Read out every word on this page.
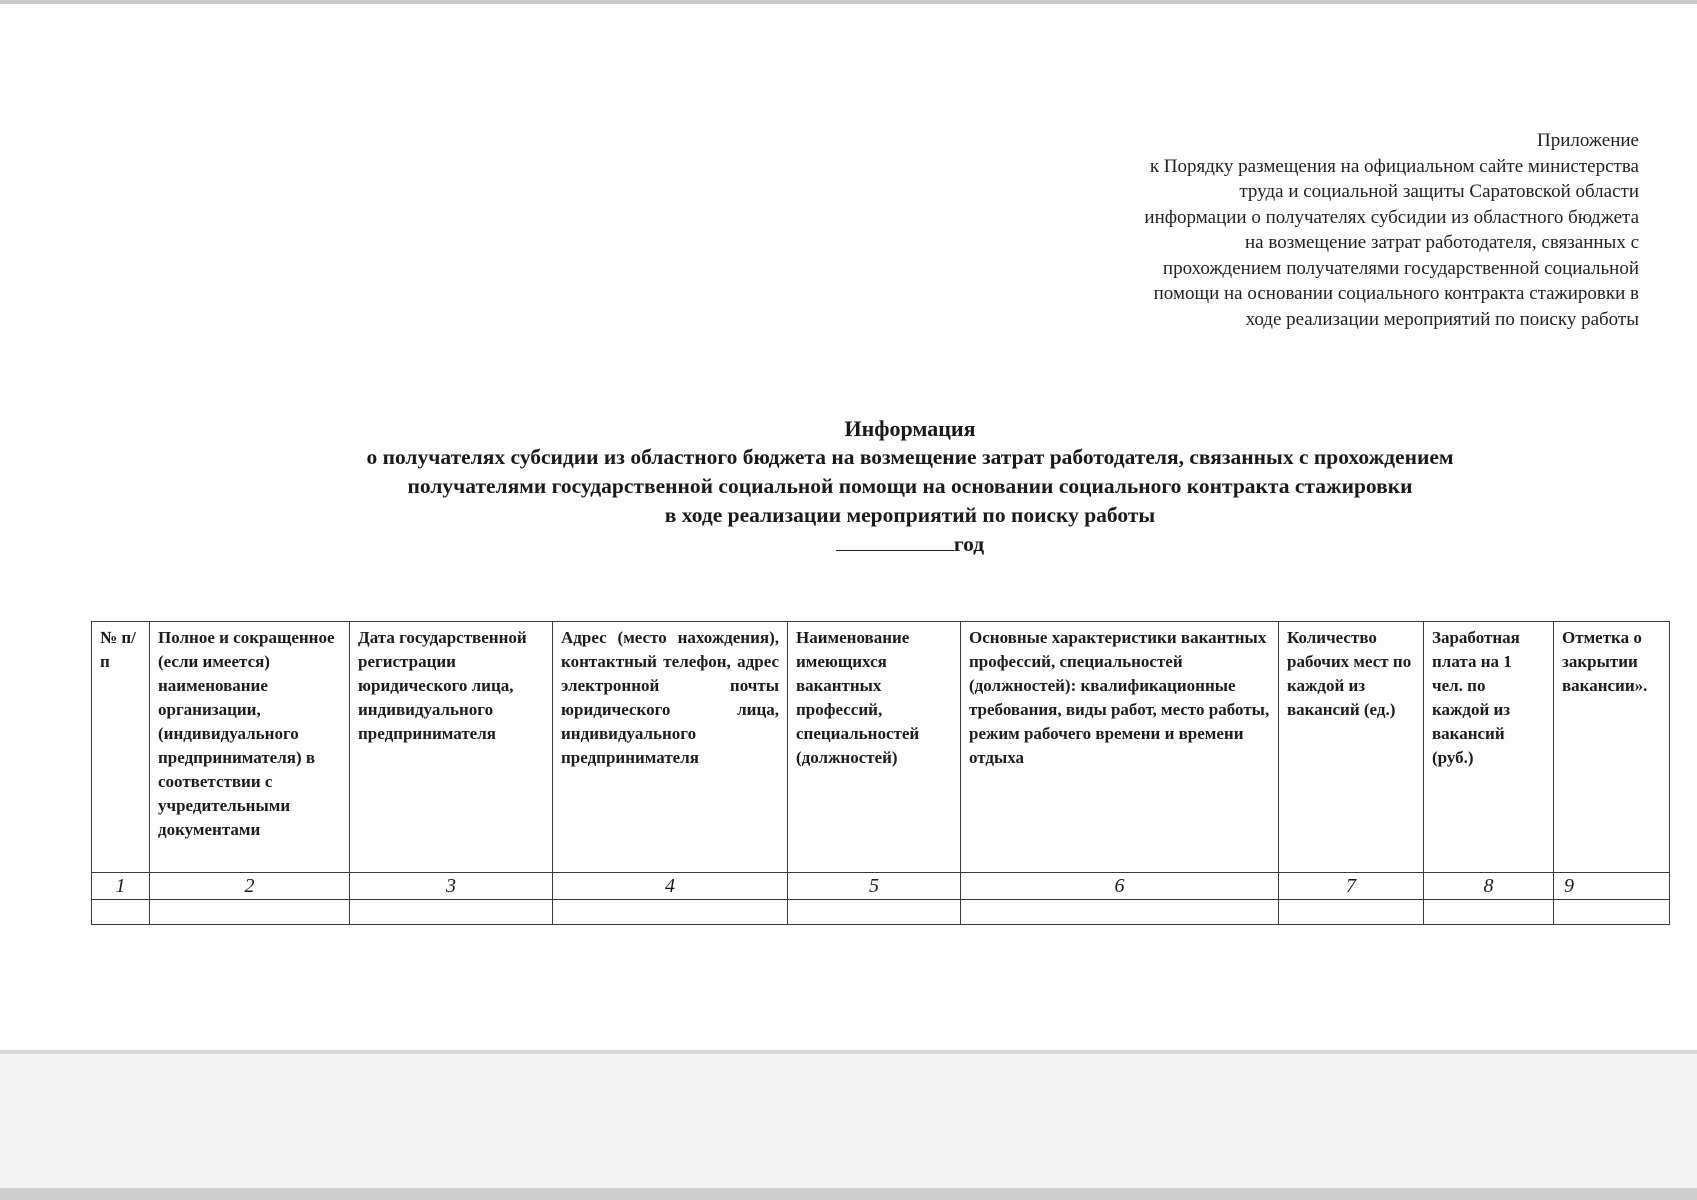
Приложение
к Порядку размещения на официальном сайте министерства
труда и социальной защиты Саратовской области
информации о получателях субсидии из областного бюджета
на возмещение затрат работодателя, связанных с
прохождением получателями государственной социальной
помощи на основании социального контракта стажировки в
ходе реализации мероприятий по поиску работы
Информация
о получателях субсидии из областного бюджета на возмещение затрат работодателя, связанных с прохождением
получателями государственной социальной помощи на основании социального контракта стажировки
в ходе реализации мероприятий по поиску работы
год
№ п/п	Полное и сокращенное (если имеется) наименование организации, (индивидуального предпринимателя) в соответствии с учредительными документами	Дата государственной регистрации юридического лица, индивидуального предпринимателя	Адрес (место нахождения), контактный телефон, адрес электронной почты юридического лица, индивидуального предпринимателя	Наименование имеющихся вакантных профессий, специальностей (должностей)	Основные характеристики вакантных профессий, специальностей (должностей): квалификационные требования, виды работ, место работы, режим рабочего времени и времени отдыха	Количество рабочих мест по каждой из вакансий (ед.)	Заработная плата на 1 чел. по каждой из вакансий (руб.)	Отметка о закрытии вакансии».
1	2	3	4	5	6	7	8	9
